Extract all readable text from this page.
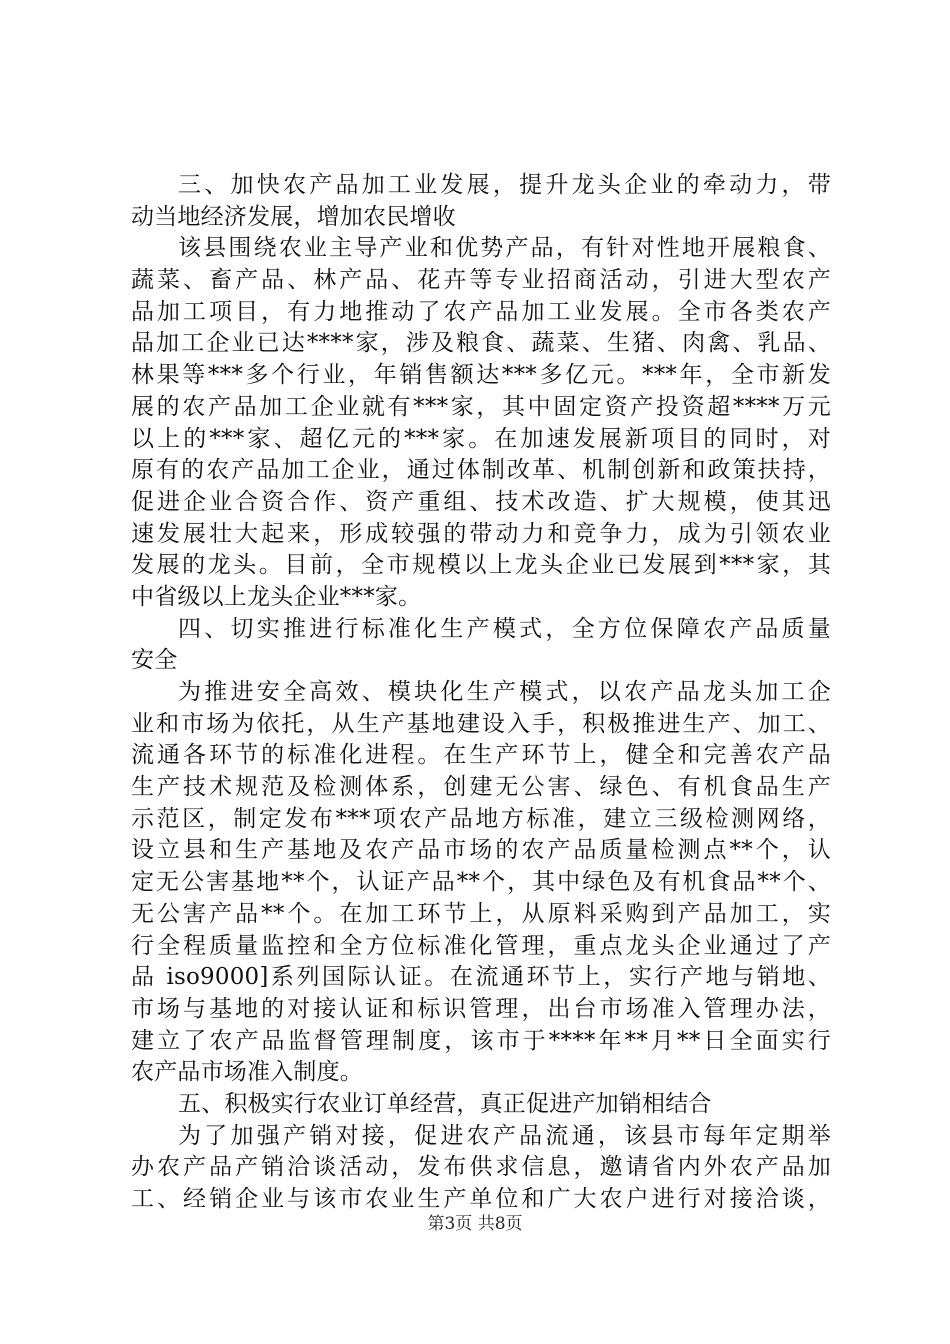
三、加快农产品加工业发展，提升龙头企业的牵动力，带
动当地经济发展，增加农民增收
该县围绕农业主导产业和优势产品，有针对性地开展粮食、
蔬菜、畜产品、林产品、花卉等专业招商活动，引进大型农产
品加工项目，有力地推动了农产品加工业发展。全市各类农产
品加工企业已达****家，涉及粮食、蔬菜、生猪、肉禽、乳品、
林果等***多个行业，年销售额达***多亿元。***年，全市新发
展的农产品加工企业就有***家，其中固定资产投资超****万元
以上的***家、超亿元的***家。在加速发展新项目的同时，对
原有的农产品加工企业，通过体制改革、机制创新和政策扶持，
促进企业合资合作、资产重组、技术改造、扩大规模，使其迅
速发展壮大起来，形成较强的带动力和竞争力，成为引领农业
发展的龙头。目前，全市规模以上龙头企业已发展到***家，其
中省级以上龙头企业***家。
四、切实推进行标准化生产模式，全方位保障农产品质量
安全
为推进安全高效、模块化生产模式，以农产品龙头加工企
业和市场为依托，从生产基地建设入手，积极推进生产、加工、
流通各环节的标准化进程。在生产环节上，健全和完善农产品
生产技术规范及检测体系，创建无公害、绿色、有机食品生产
示范区，制定发布***项农产品地方标准，建立三级检测网络，
设立县和生产基地及农产品市场的农产品质量检测点**个，认
定无公害基地**个，认证产品**个，其中绿色及有机食品**个、
无公害产品**个。在加工环节上，从原料采购到产品加工，实
行全程质量监控和全方位标准化管理，重点龙头企业通过了产
品 iso9000]系列国际认证。在流通环节上，实行产地与销地、
市场与基地的对接认证和标识管理，出台市场准入管理办法，
建立了农产品监督管理制度，该市于****年**月**日全面实行
农产品市场准入制度。
五、积极实行农业订单经营，真正促进产加销相结合
为了加强产销对接，促进农产品流通，该县市每年定期举
办农产品产销洽谈活动，发布供求信息，邀请省内外农产品加
工、经销企业与该市农业生产单位和广大农户进行对接洽谈，
第3页 共8页
